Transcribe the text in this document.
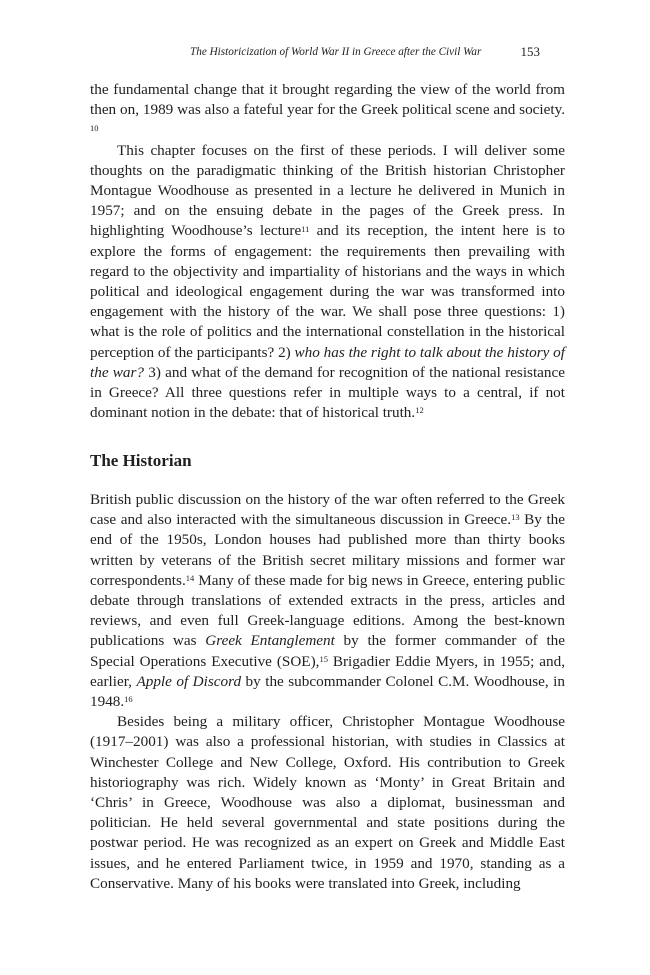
The Historicization of World War II in Greece after the Civil War	153

the fundamental change that it brought regarding the view of the world from then on, 1989 was also a fateful year for the Greek political scene and society. $^{10}$

This chapter focuses on the first of these periods. I will deliver some thoughts on the paradigmatic thinking of the British historian Christopher Montague Woodhouse as presented in a lecture he delivered in Munich in 1957; and on the ensuing debate in the pages of the Greek press. In highlighting Woodhouse’s lecture$^{11}$ and its reception, the intent here is to explore the forms of engagement: the requirements then prevailing with regard to the objectivity and impartiality of historians and the ways in which political and ideological engagement during the war was transformed into engagement with the history of the war. We shall pose three questions: 1) what is the role of politics and the international constellation in the historical perception of the participants? 2) who has the right to talk about the history of the war? 3) and what of the demand for recognition of the national resistance in Greece? All three questions refer in multiple ways to a central, if not dominant notion in the debate: that of historical truth.$^{12}$

The Historian

British public discussion on the history of the war often referred to the Greek case and also interacted with the simultaneous discussion in Greece.$^{13}$ By the end of the 1950s, London houses had published more than thirty books written by veterans of the British secret military missions and former war correspondents.$^{14}$ Many of these made for big news in Greece, entering public debate through translations of extended extracts in the press, articles and reviews, and even full Greek-language editions. Among the best-known publications was Greek Entanglement by the former commander of the Special Operations Executive (SOE),$^{15}$ Brigadier Eddie Myers, in 1955; and, earlier, Apple of Discord by the subcommander Colonel C.M. Woodhouse, in 1948.16

Besides being a military officer, Christopher Montague Woodhouse (1917–2001) was also a professional historian, with studies in Classics at Winchester College and New College, Oxford. His contribution to Greek historiography was rich. Widely known as ‘Monty’ in Great Britain and ‘Chris’ in Greece, Woodhouse was also a diplomat, businessman and politician. He held several governmental and state positions during the postwar period. He was recognized as an expert on Greek and Middle East issues, and he entered Parliament twice, in 1959 and 1970, standing as a Conservative. Many of his books were translated into Greek, including
